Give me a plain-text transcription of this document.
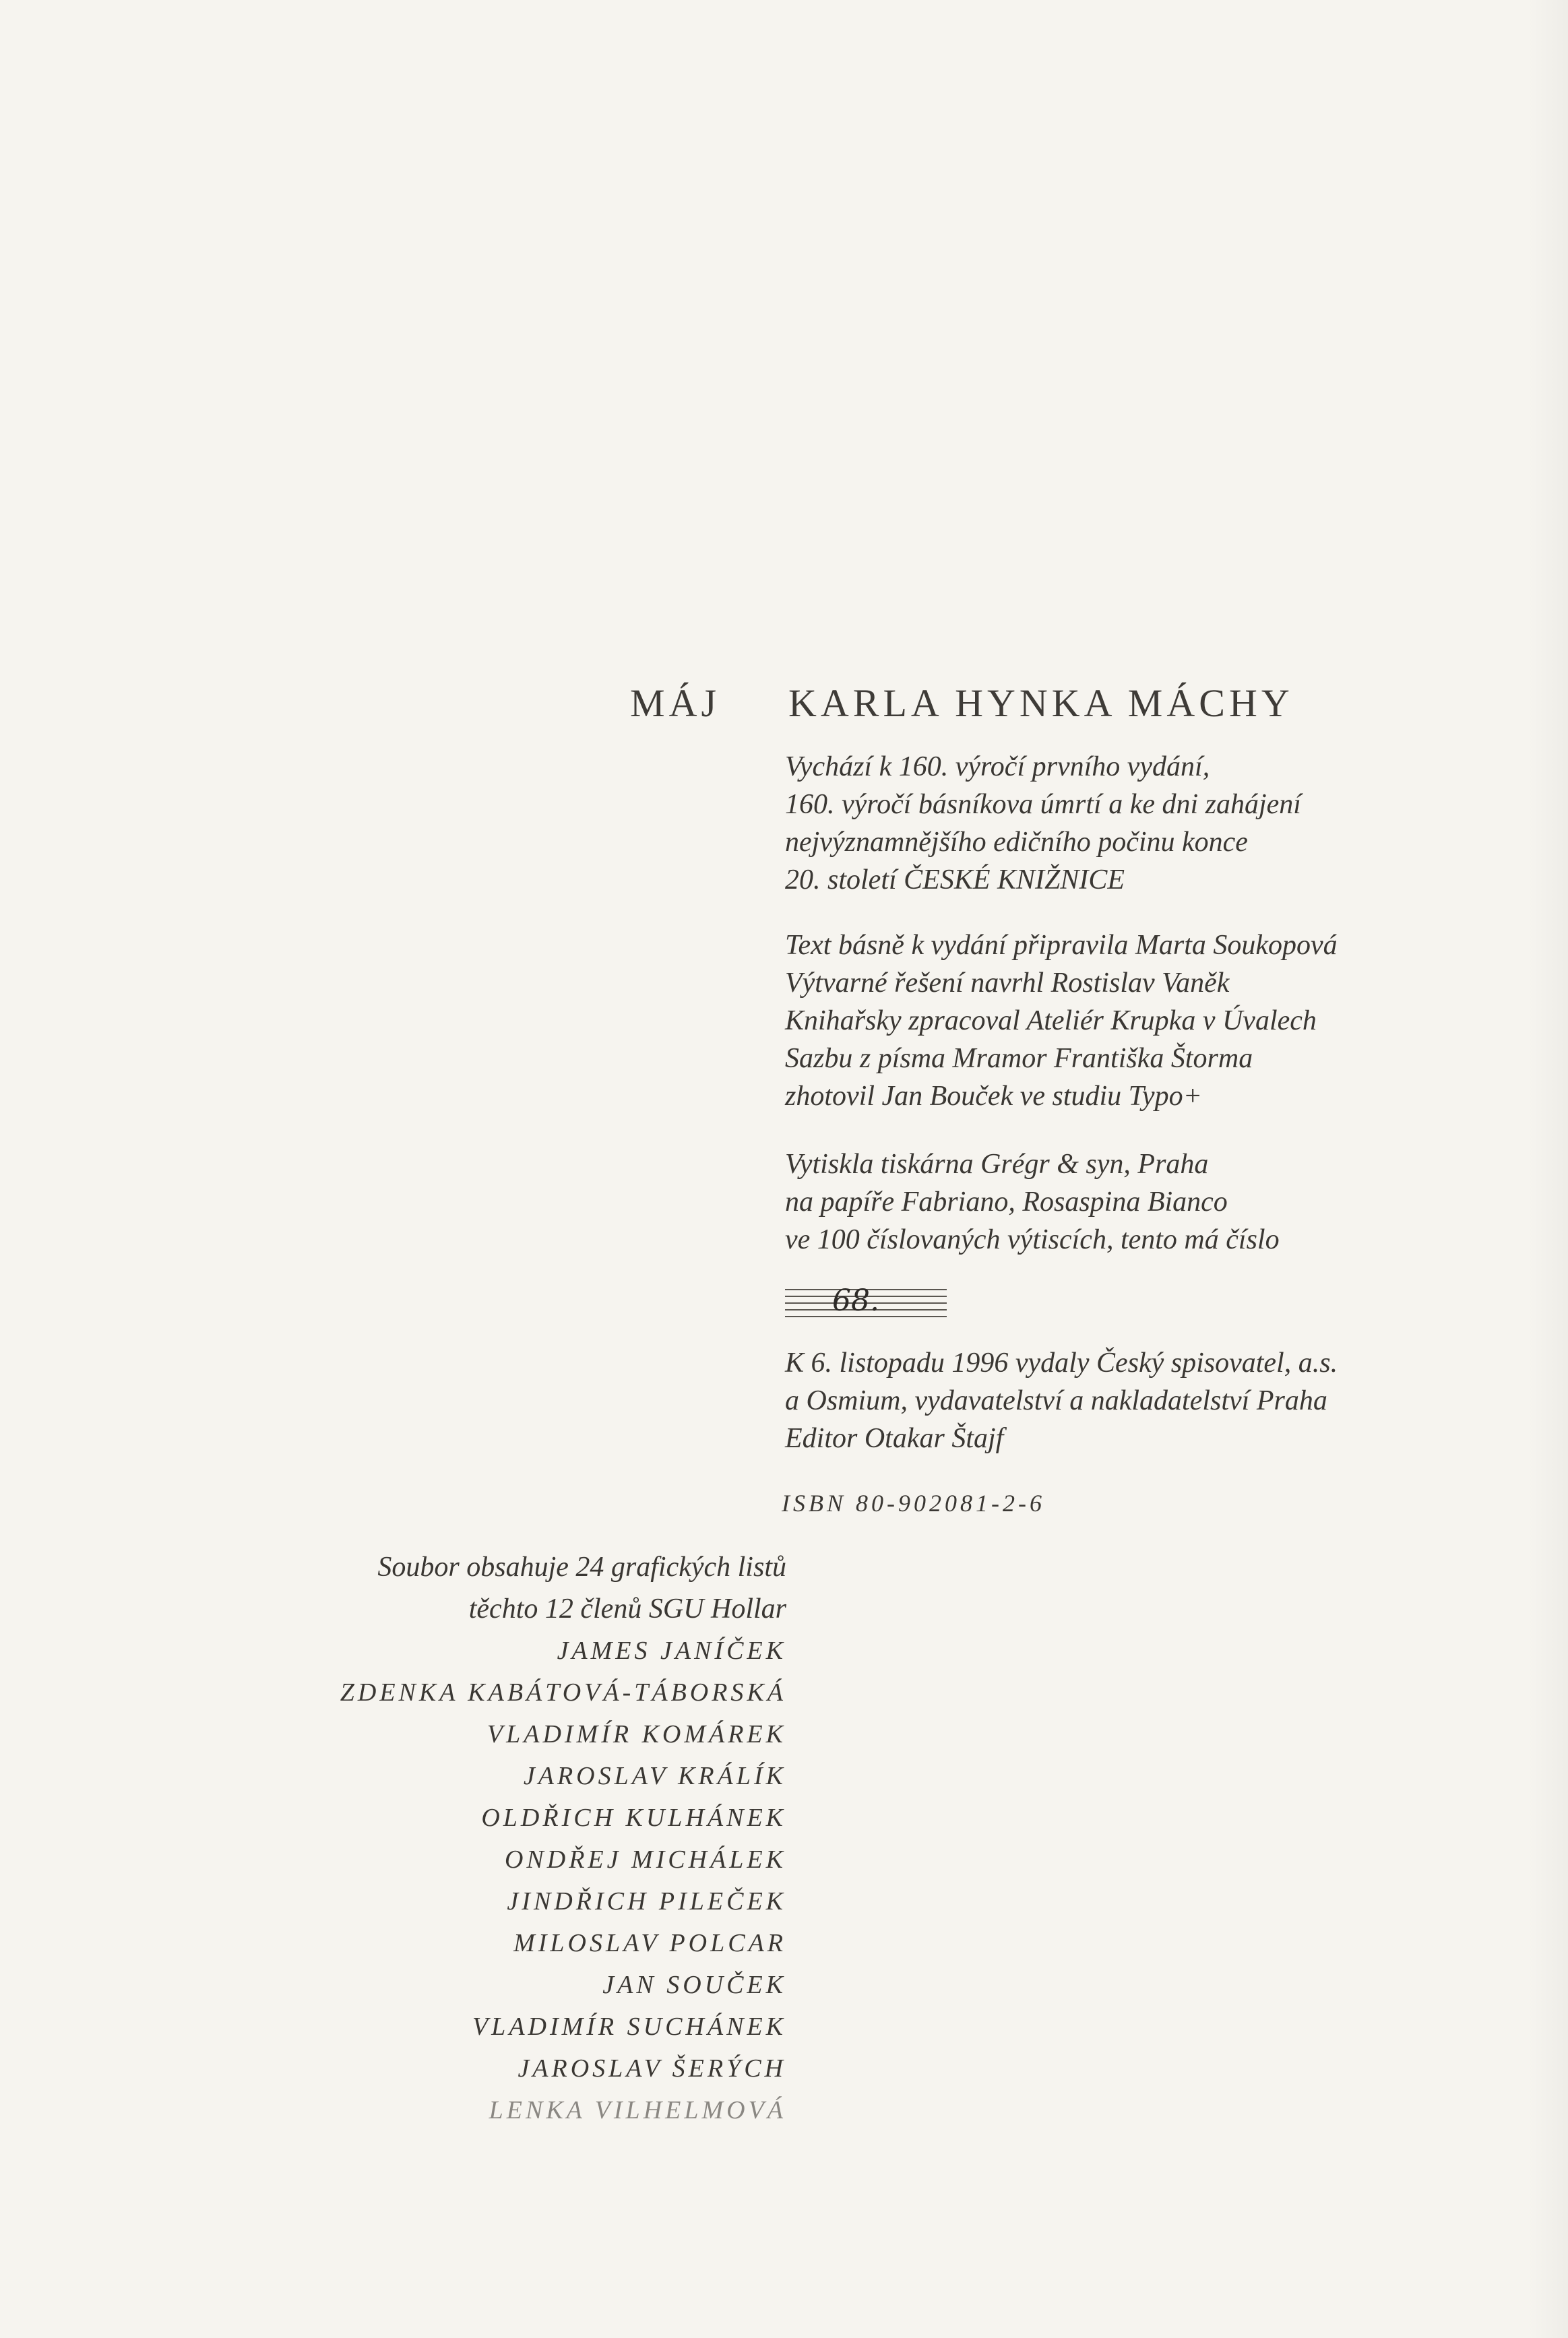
MÁJ KARLA HYNKA MÁCHY

Vychází k 160. výročí prvního vydání,

160. výročí básníkova úmrtí a ke dni zahájení

nejvýznamnějšího edičního počinu konce

20. století ČESKÉ KNIŽNICE

Text básně k vydání připravila Marta Soukopová

Výtvarné řešení navrhl Rostislav Vaněk

Knihařsky zpracoval Ateliér Krupka v Úvalech

Sazbu z písma Mramor Františka Štorma

zhotovil Jan Bouček ve studiu Typo+

Vytiskla tiskárna Grégr & syn, Praha

na papíře Fabriano, Rosaspina Bianco

ve 100 číslovaných výtiscích, tento má číslo

68.

K 6. listopadu 1996 vydaly Český spisovatel, a.s.

a Osmium, vydavatelství a nakladatelství Praha

Editor Otakar Štajf

ISBN 80-902081-2-6

Soubor obsahuje 24 grafických listů

těchto 12 členů SGU Hollar

JAMES JANÍČEK

ZDENKA KABÁTOVÁ-TÁBORSKÁ

VLADIMÍR KOMÁREK

JAROSLAV KRÁLÍK

OLDŘICH KULHÁNEK

ONDŘEJ MICHÁLEK

JINDŘICH PILEČEK

MILOSLAV POLCAR

JAN SOUČEK

VLADIMÍR SUCHÁNEK

JAROSLAV ŠERÝCH

LENKA VILHELMOVÁ
